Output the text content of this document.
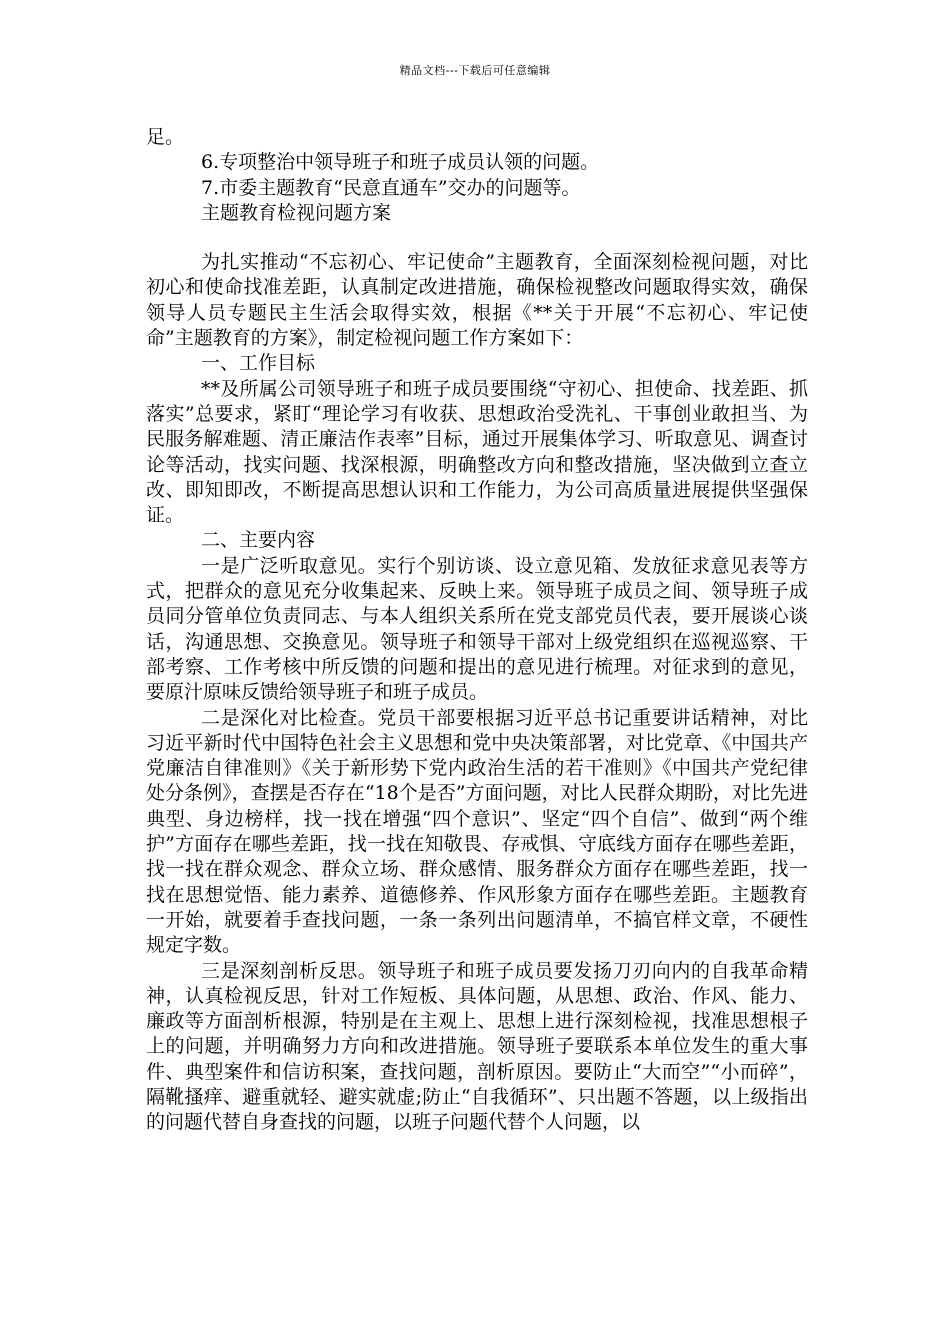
精品文档---下载后可任意编辑

足。

6.专项整治中领导班子和班子成员认领的问题。

7.市委主题教育“民意直通车”交办的问题等。

主题教育检视问题方案

为扎实推动“不忘初心、牢记使命”主题教育，全面深刻检视问题，对比初心和使命找准差距，认真制定改进措施，确保检视整改问题取得实效，确保领导人员专题民主生活会取得实效，根据《**关于开展“不忘初心、牢记使命”主题教育的方案》，制定检视问题工作方案如下：

一、工作目标

**及所属公司领导班子和班子成员要围绕“守初心、担使命、找差距、抓落实”总要求，紧盯“理论学习有收获、思想政治受洗礼、干事创业敢担当、为民服务解难题、清正廉洁作表率”目标，通过开展集体学习、听取意见、调查讨论等活动，找实问题、找深根源，明确整改方向和整改措施，坚决做到立查立改、即知即改，不断提高思想认识和工作能力，为公司高质量进展提供坚强保证。

二、主要内容

一是广泛听取意见。实行个别访谈、设立意见箱、发放征求意见表等方式，把群众的意见充分收集起来、反映上来。领导班子成员之间、领导班子成员同分管单位负责同志、与本人组织关系所在党支部党员代表，要开展谈心谈话，沟通思想、交换意见。领导班子和领导干部对上级党组织在巡视巡察、干部考察、工作考核中所反馈的问题和提出的意见进行梳理。对征求到的意见，要原汁原味反馈给领导班子和班子成员。

二是深化对比检查。党员干部要根据习近平总书记重要讲话精神，对比习近平新时代中国特色社会主义思想和党中央决策部署，对比党章、《中国共产党廉洁自律准则》《关于新形势下党内政治生活的若干准则》《中国共产党纪律处分条例》，查摆是否存在“18个是否”方面问题，对比人民群众期盼，对比先进典型、身边榜样，找一找在增强“四个意识”、坚定“四个自信”、做到“两个维护”方面存在哪些差距，找一找在知敬畏、存戒惧、守底线方面存在哪些差距，找一找在群众观念、群众立场、群众感情、服务群众方面存在哪些差距，找一找在思想觉悟、能力素养、道德修养、作风形象方面存在哪些差距。主题教育一开始，就要着手查找问题，一条一条列出问题清单，不搞官样文章，不硬性规定字数。

三是深刻剖析反思。领导班子和班子成员要发扬刀刃向内的自我革命精神，认真检视反思，针对工作短板、具体问题，从思想、政治、作风、能力、廉政等方面剖析根源，特别是在主观上、思想上进行深刻检视，找准思想根子上的问题，并明确努力方向和改进措施。领导班子要联系本单位发生的重大事件、典型案件和信访积案，查找问题，剖析原因。要防止“大而空”“小而碎”，隔靴搔痒、避重就轻、避实就虚;防止“自我循环”、只出题不答题，以上级指出的问题代替自身查找的问题，以班子问题代替个人问题，以
